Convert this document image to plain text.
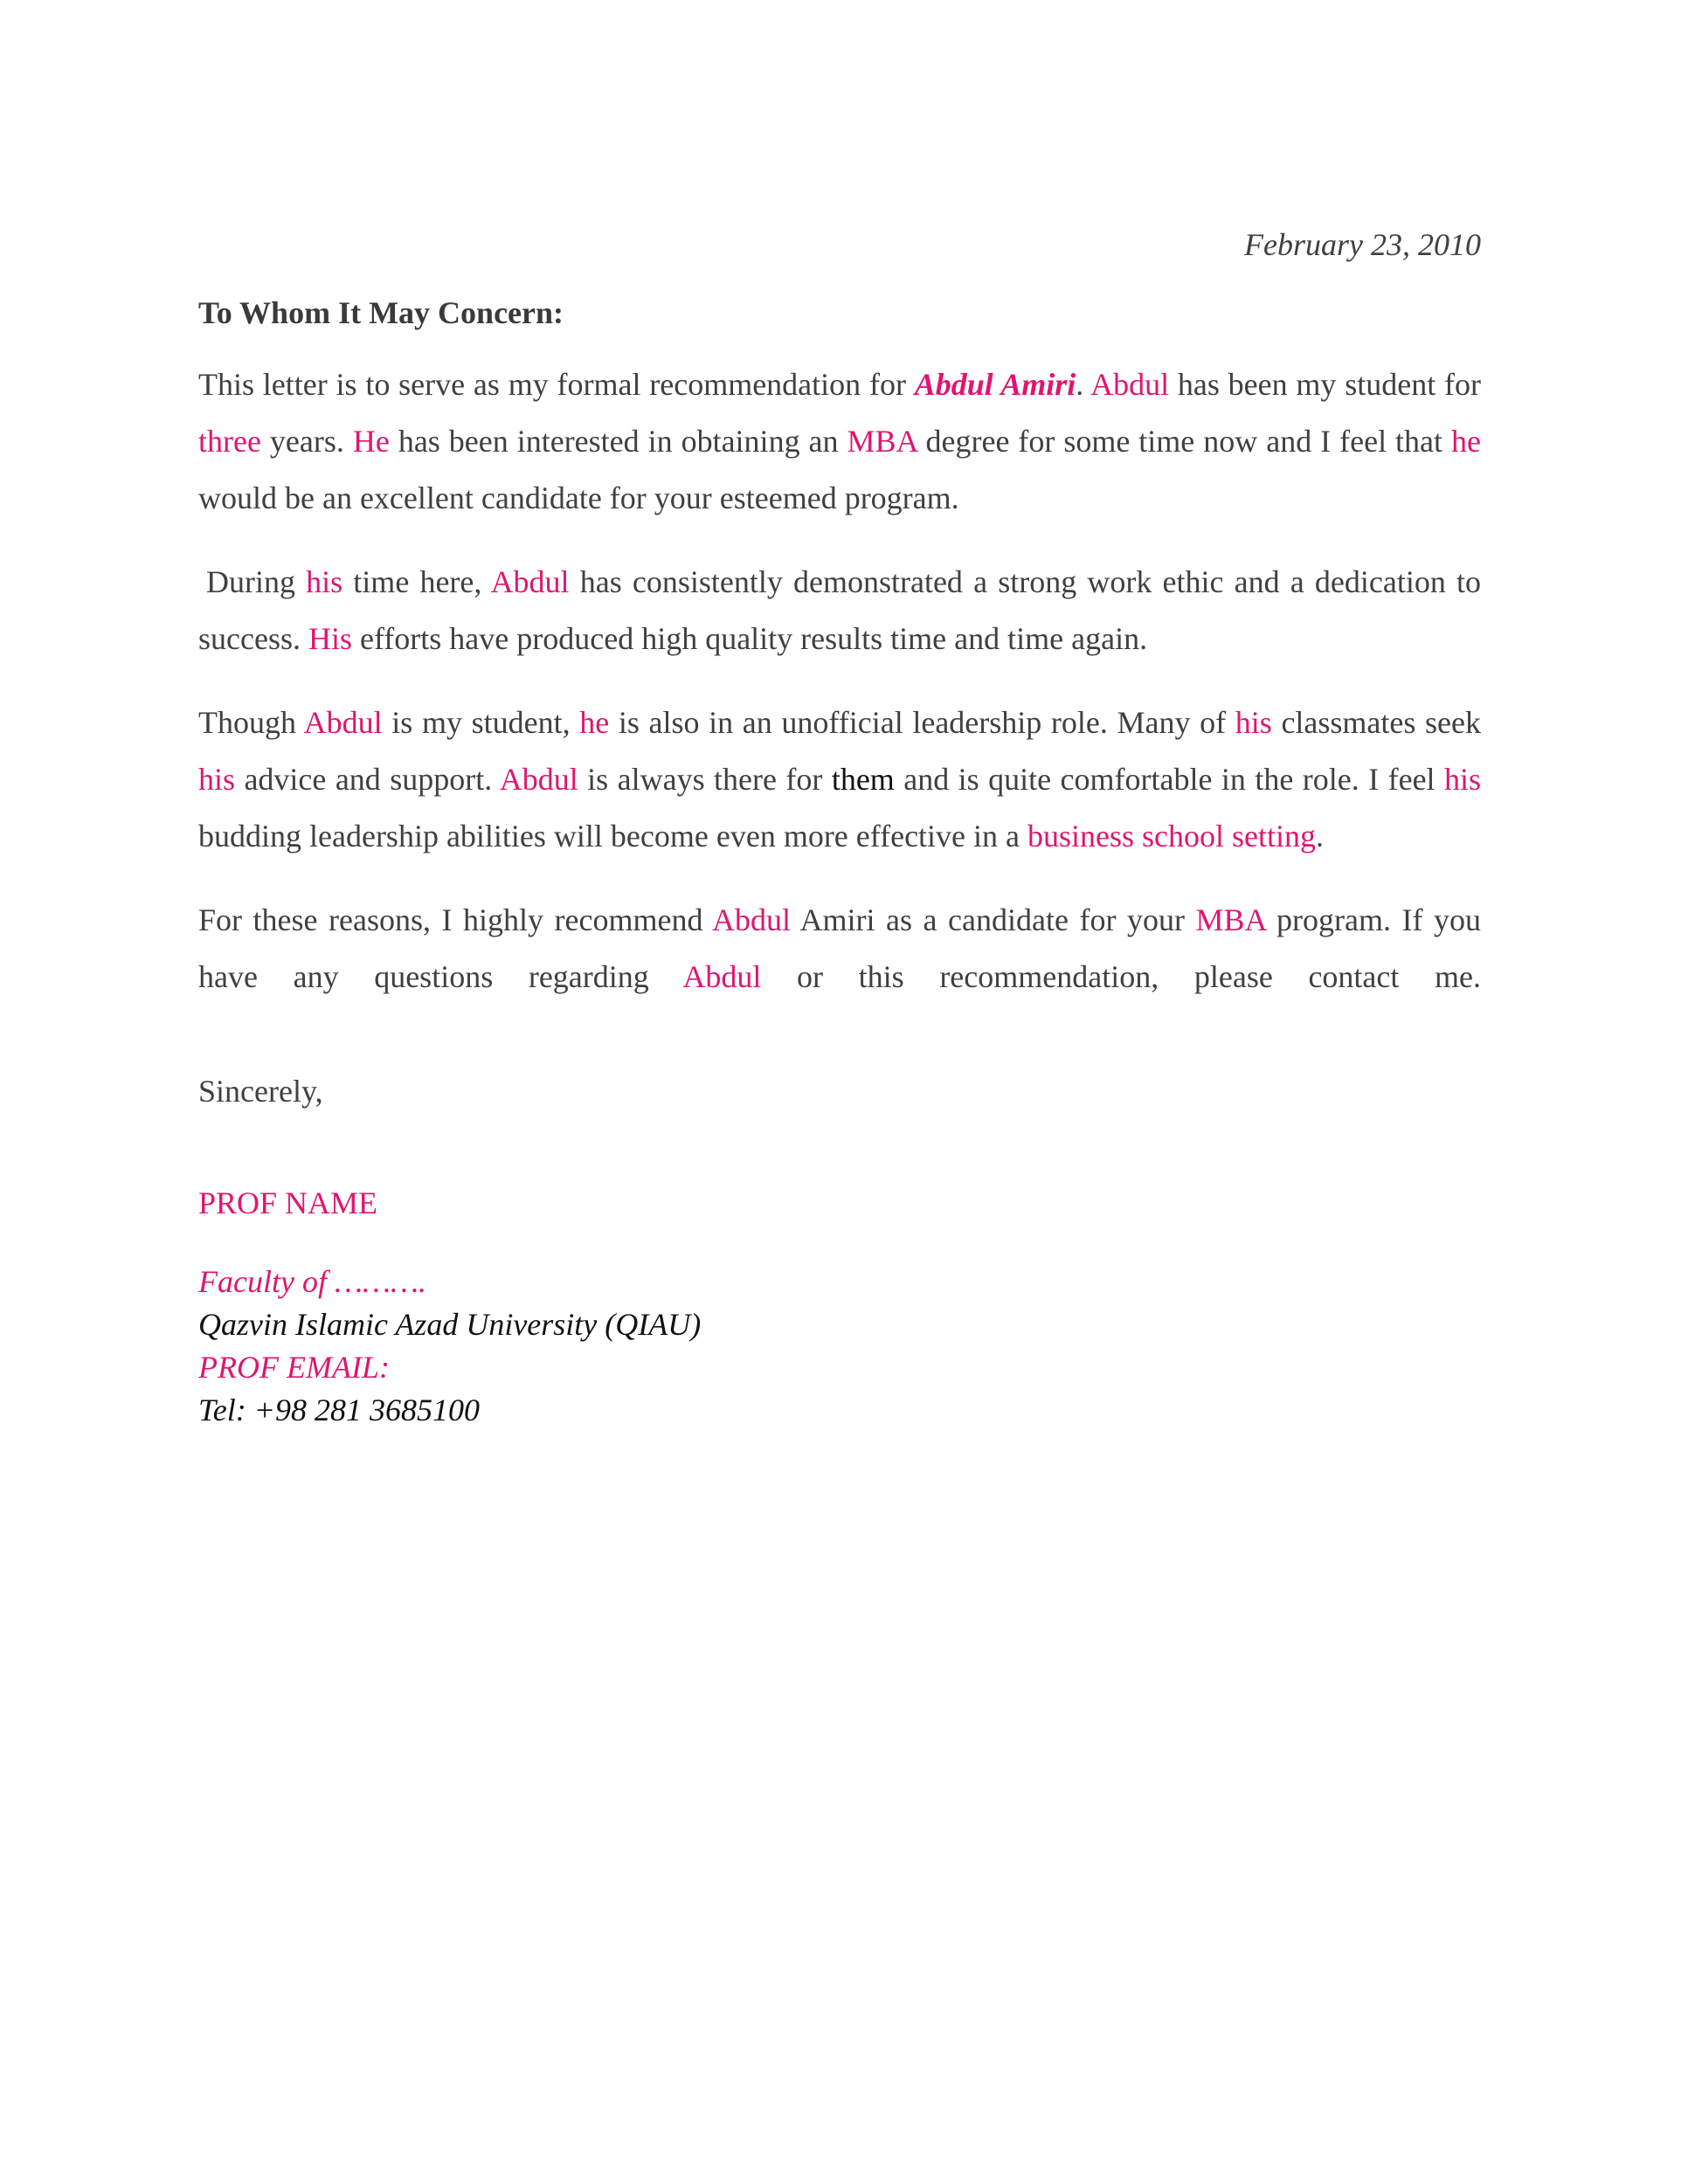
February 23, 2010
To Whom It May Concern:

This letter is to serve as my formal recommendation for Abdul Amiri. Abdul has been my student for three years. He has been interested in obtaining an MBA degree for some time now and I feel that he would be an excellent candidate for your esteemed program.

During his time here, Abdul has consistently demonstrated a strong work ethic and a dedication to success. His efforts have produced high quality results time and time again.

Though Abdul is my student, he is also in an unofficial leadership role. Many of his classmates seek his advice and support. Abdul is always there for them and is quite comfortable in the role. I feel his budding leadership abilities will become even more effective in a business school setting.

For these reasons, I highly recommend Abdul Amiri as a candidate for your MBA program. If you have any questions regarding Abdul or this recommendation, please contact me.

Sincerely,
PROF NAME
Faculty of ……….
Qazvin Islamic Azad University (QIAU)
PROF EMAIL:
Tel: +98 281 3685100
